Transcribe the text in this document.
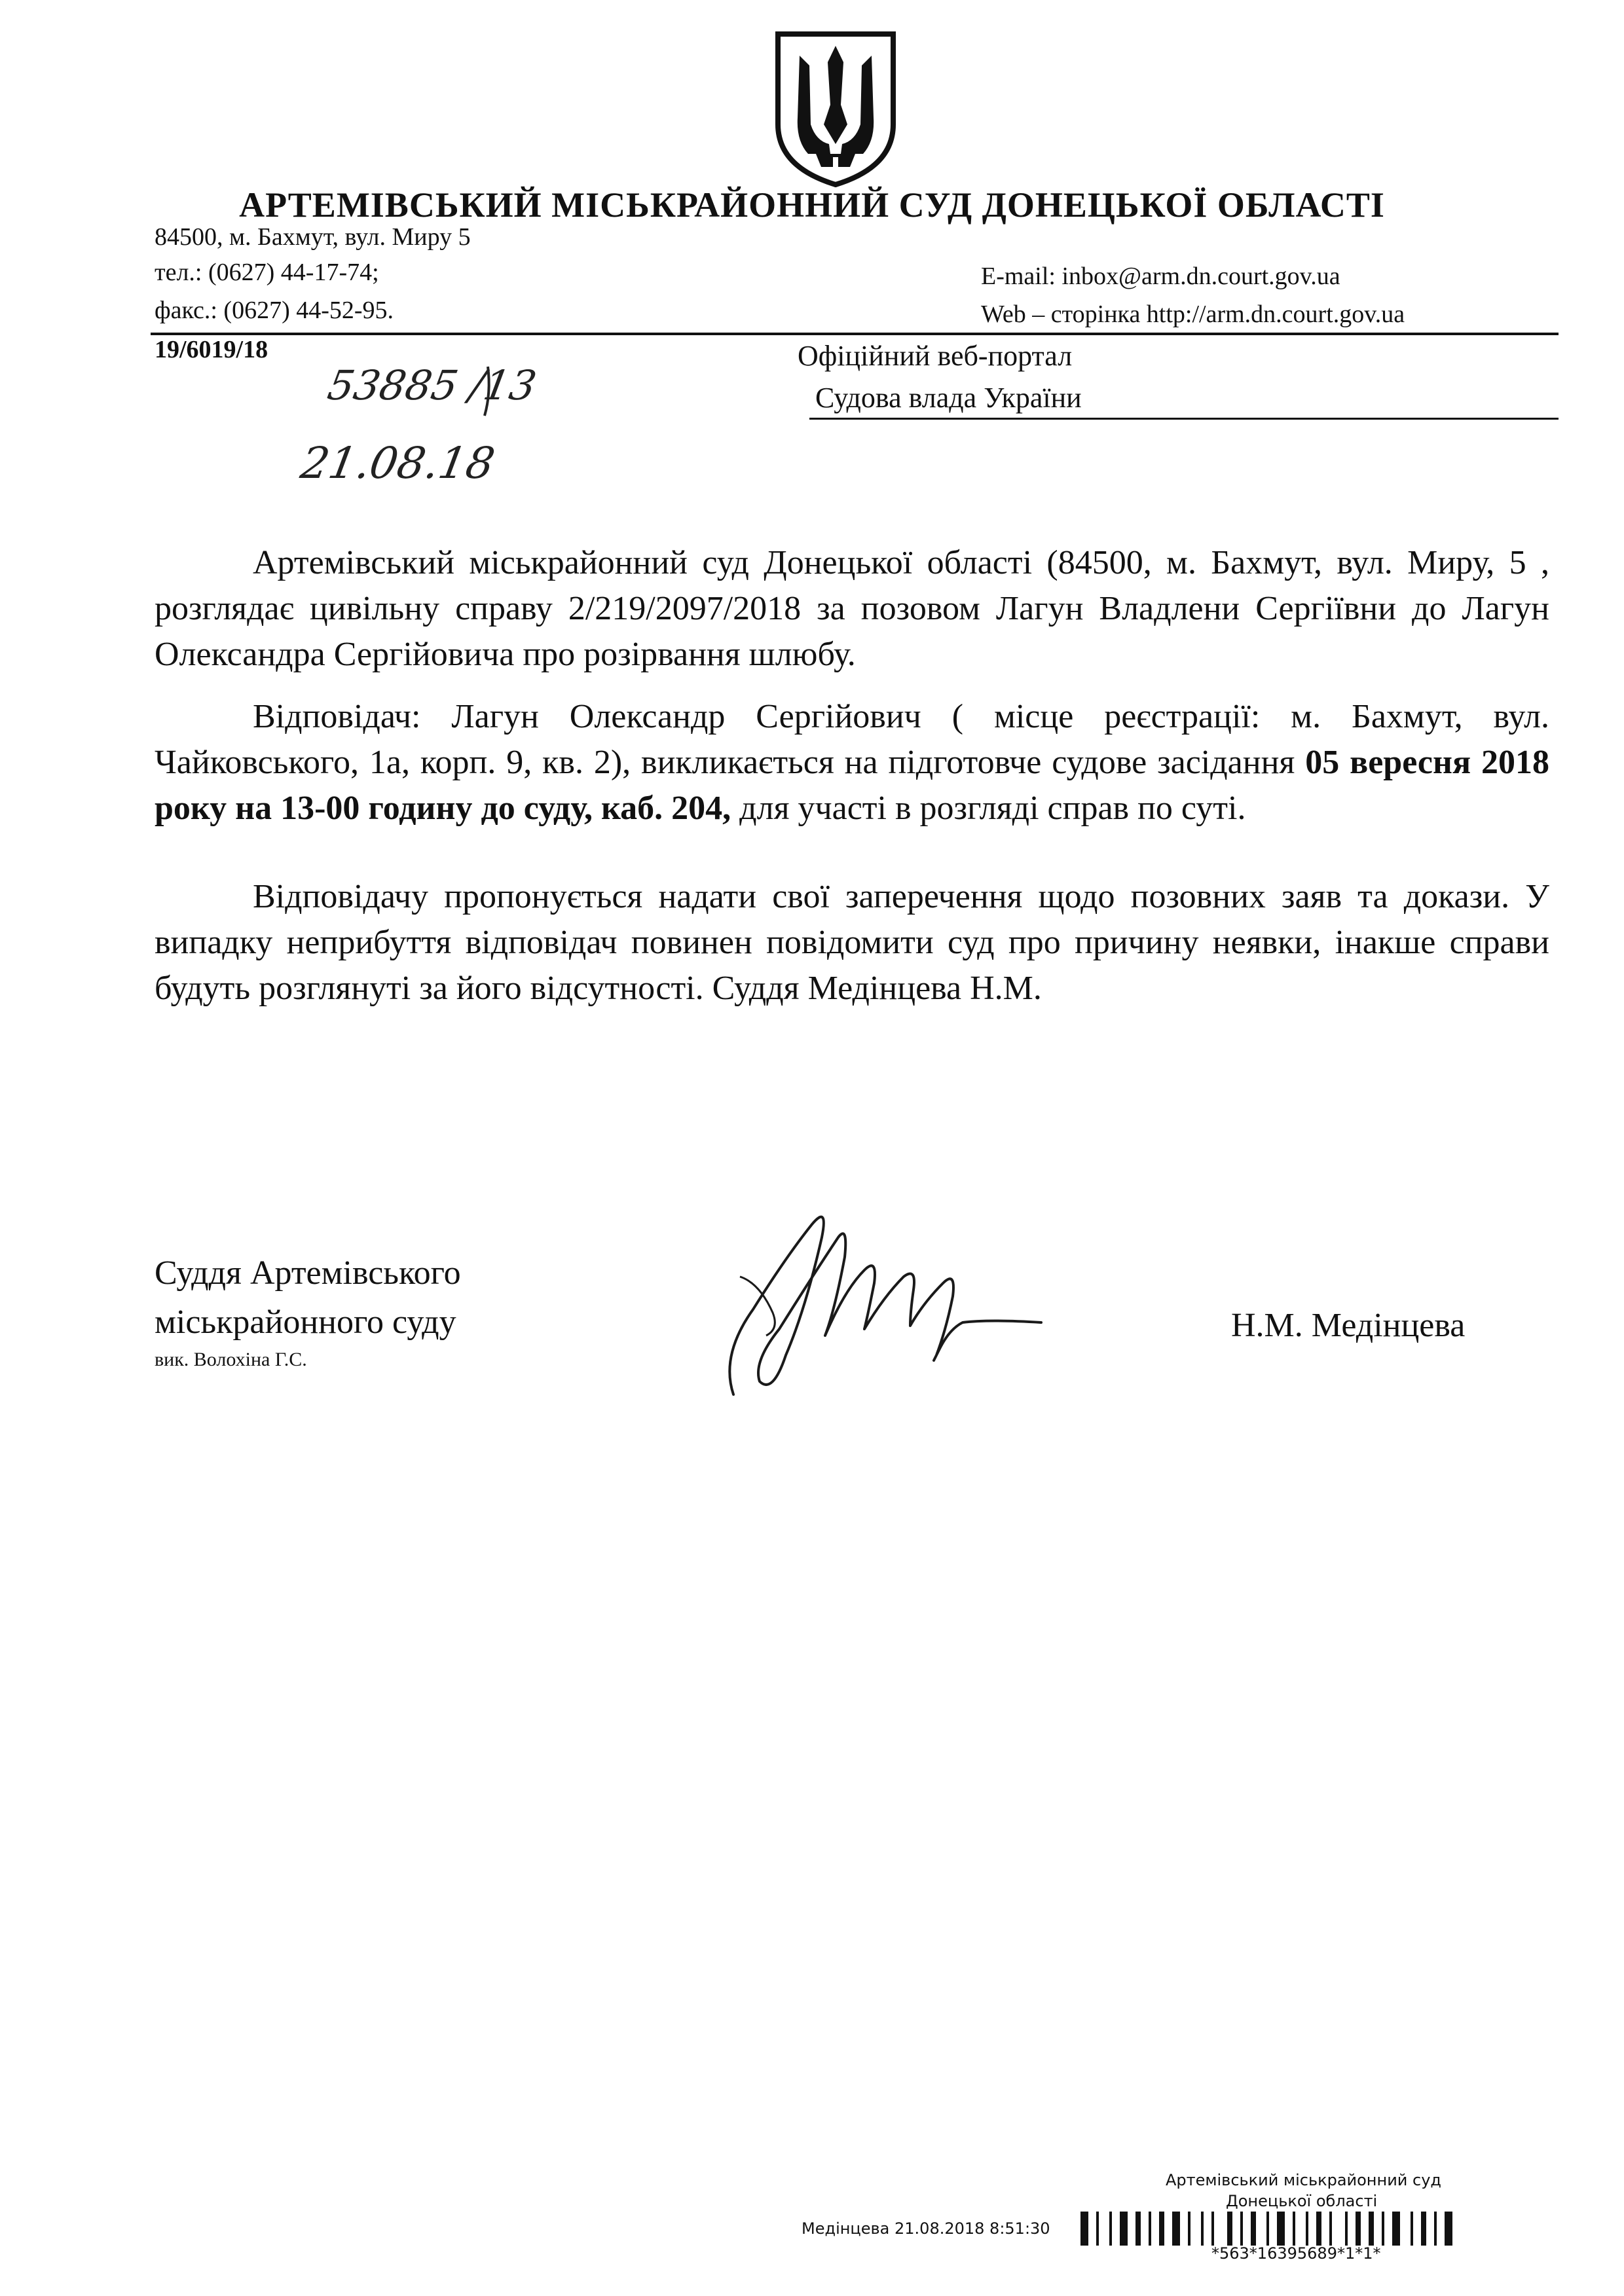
АРТЕМІВСЬКИЙ МІСЬКРАЙОННИЙ СУД ДОНЕЦЬКОЇ ОБЛАСТІ
84500, м. Бахмут, вул. Миру 5
тел.: (0627) 44-17-74;
факс.: (0627) 44-52-95.
E-mail: inbox@arm.dn.court.gov.ua
Web – сторінка http://arm.dn.court.gov.ua
19/6019/18	Офіційний веб-портал
Судова влада України
53885 /13
21.08.18

Артемівський міськрайонний суд Донецької області (84500, м. Бахмут, вул. Миру, 5 , розглядає цивільну справу 2/219/2097/2018 за позовом Лагун Владлени Сергіївни до Лагун Олександра Сергійовича про розірвання шлюбу.

Відповідач: Лагун Олександр Сергійович ( місце реєстрації: м. Бахмут, вул. Чайковського, 1а, корп. 9, кв. 2), викликається на підготовче судове засідання 05 вересня 2018 року на 13-00 годину до суду, каб. 204, для участі в розгляді справ по суті.

Відповідачу пропонується надати свої заперечення щодо позовних заяв та докази. У випадку неприбуття відповідач повинен повідомити суд про причину неявки, інакше справи будуть розглянуті за його відсутності. Суддя Медінцева Н.М.

Суддя Артемівського
міськрайонного суду
вик. Волохіна Г.С.
Н.М. Медінцева
Артемівський міськрайонний суд
Донецької області
Медінцева 21.08.2018 8:51:30
*563*16395689*1*1*
